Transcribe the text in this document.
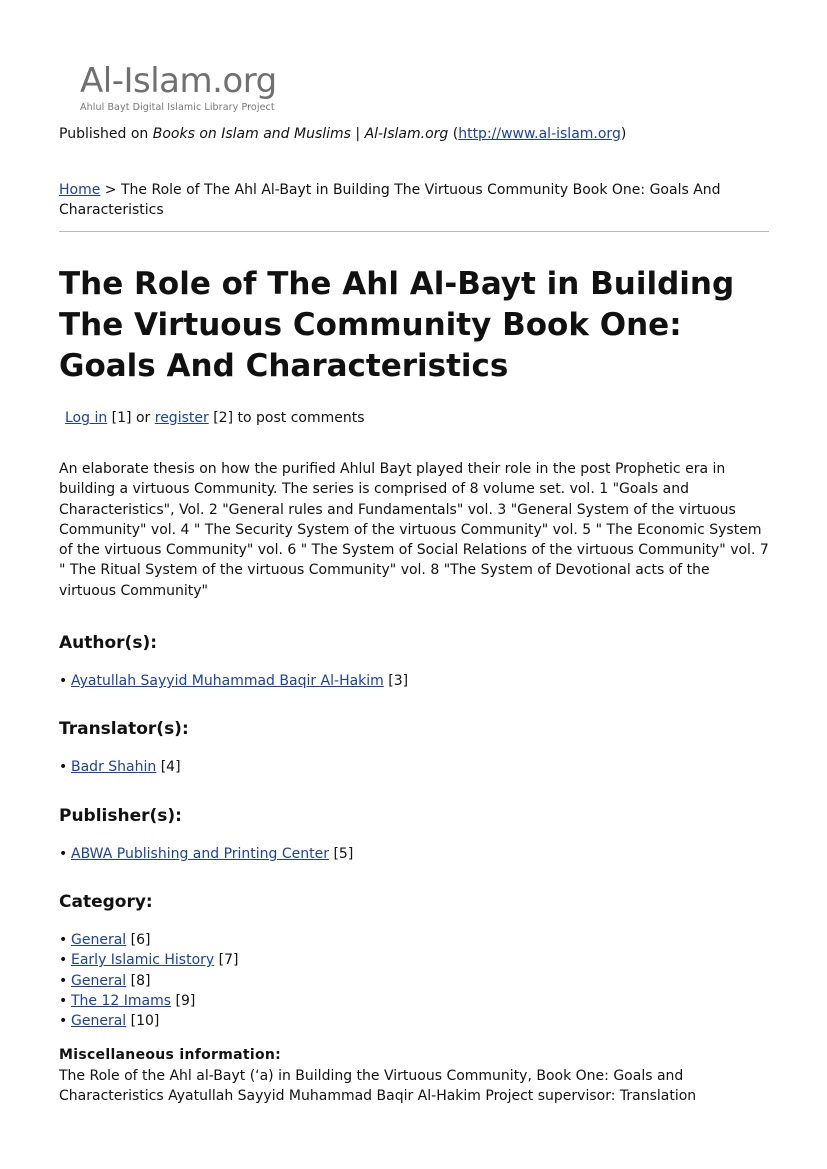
Al-Islam.org
Ahlul Bayt Digital Islamic Library Project
Published on Books on Islam and Muslims | Al-Islam.org (http://www.al-islam.org)
Home > The Role of The Ahl Al-Bayt in Building The Virtuous Community Book One: Goals And Characteristics
The Role of The Ahl Al-Bayt in Building The Virtuous Community Book One: Goals And Characteristics
Log in [1] or register [2] to post comments

An elaborate thesis on how the purified Ahlul Bayt played their role in the post Prophetic era in building a virtuous Community. The series is comprised of 8 volume set. vol. 1 "Goals and Characteristics", Vol. 2 "General rules and Fundamentals" vol. 3 "General System of the virtuous Community" vol. 4 " The Security System of the virtuous Community" vol. 5 " The Economic System of the virtuous Community" vol. 6 " The System of Social Relations of the virtuous Community" vol. 7 " The Ritual System of the virtuous Community" vol. 8 "The System of Devotional acts of the virtuous Community"

Author(s):
• Ayatullah Sayyid Muhammad Baqir Al-Hakim [3]
Translator(s):
• Badr Shahin [4]
Publisher(s):
• ABWA Publishing and Printing Center [5]
Category:
• General [6]
• Early Islamic History [7]
• General [8]
• The 12 Imams [9]
• General [10]
Miscellaneous information:

The Role of the Ahl al-Bayt (‘a) in Building the Virtuous Community, Book One: Goals and Characteristics Ayatullah Sayyid Muhammad Baqir Al-Hakim Project supervisor: Translation
